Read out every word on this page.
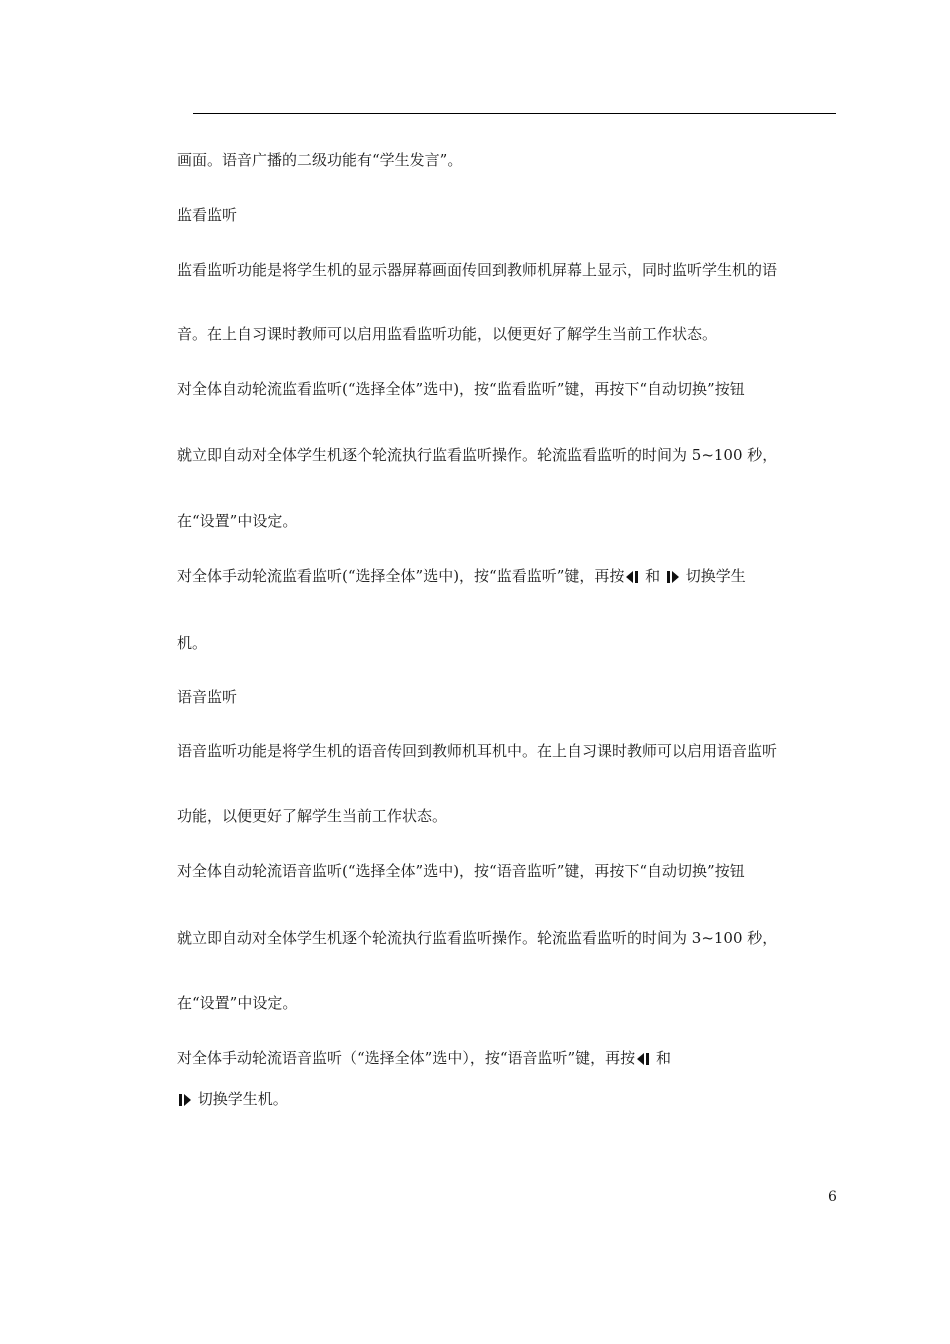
画面。语音广播的二级功能有“学生发言”。
监看监听
监看监听功能是将学生机的显示器屏幕画面传回到教师机屏幕上显示，同时监听学生机的语
音。在上自习课时教师可以启用监看监听功能，以便更好了解学生当前工作状态。
对全体自动轮流监看监听(“选择全体”选中)，按“监看监听”键，再按下“自动切换”按钮
就立即自动对全体学生机逐个轮流执行监看监听操作。轮流监看监听的时间为 5~100 秒，
在“设置”中设定。
对全体手动轮流监看监听(“选择全体”选中)，按“监看监听”键，再按 和  切换学生
机。
语音监听
语音监听功能是将学生机的语音传回到教师机耳机中。在上自习课时教师可以启用语音监听
功能，以便更好了解学生当前工作状态。
对全体自动轮流语音监听(“选择全体”选中)，按“语音监听”键，再按下“自动切换”按钮
就立即自动对全体学生机逐个轮流执行监看监听操作。轮流监看监听的时间为 3~100 秒，
在“设置”中设定。
对全体手动轮流语音监听（“选择全体”选中），按“语音监听”键，再按 和
切换学生机。
6
